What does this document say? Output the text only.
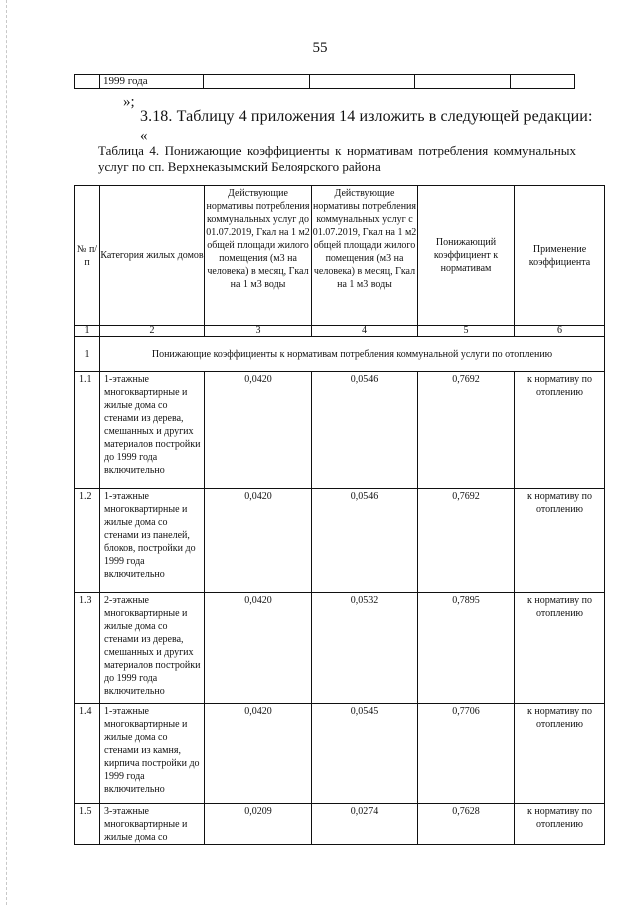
55
	1999 года				
»;
3.18. Таблицу 4 приложения 14 изложить в следующей редакции:
«
Таблица 4. Понижающие коэффициенты к нормативам потребления коммунальных
услуг по сп. Верхнеказымский Белоярского района
№ п/п	Категория жилых домов	Действующие нормативы потребления коммунальных услуг до 01.07.2019, Гкал на 1 м2 общей площади жилого помещения (м3 на человека) в месяц, Гкал на 1 м3 воды	Действующие нормативы потребления коммунальных услуг с 01.07.2019, Гкал на 1 м2 общей площади жилого помещения (м3 на человека) в месяц, Гкал на 1 м3 воды	Понижающий коэффициент к нормативам	Применение коэффициента
1	2	3	4	5	6
1	Понижающие коэффициенты к нормативам потребления коммунальной услуги по отоплению				
1.1	1-этажные многоквартирные и жилые дома со стенами из дерева, смешанных и других материалов постройки до 1999 года включительно	0,0420	0,0546	0,7692	к нормативу по отоплению
1.2	1-этажные многоквартирные и жилые дома со стенами из панелей, блоков, постройки до 1999 года включительно	0,0420	0,0546	0,7692	к нормативу по отоплению
1.3	2-этажные многоквартирные и жилые дома со стенами из дерева, смешанных и других материалов постройки до 1999 года включительно	0,0420	0,0532	0,7895	к нормативу по отоплению
1.4	1-этажные многоквартирные и жилые дома со стенами из камня, кирпича постройки до 1999 года включительно	0,0420	0,0545	0,7706	к нормативу по отоплению
1.5	3-этажные многоквартирные и жилые дома со	0,0209	0,0274	0,7628	к нормативу по отоплению
